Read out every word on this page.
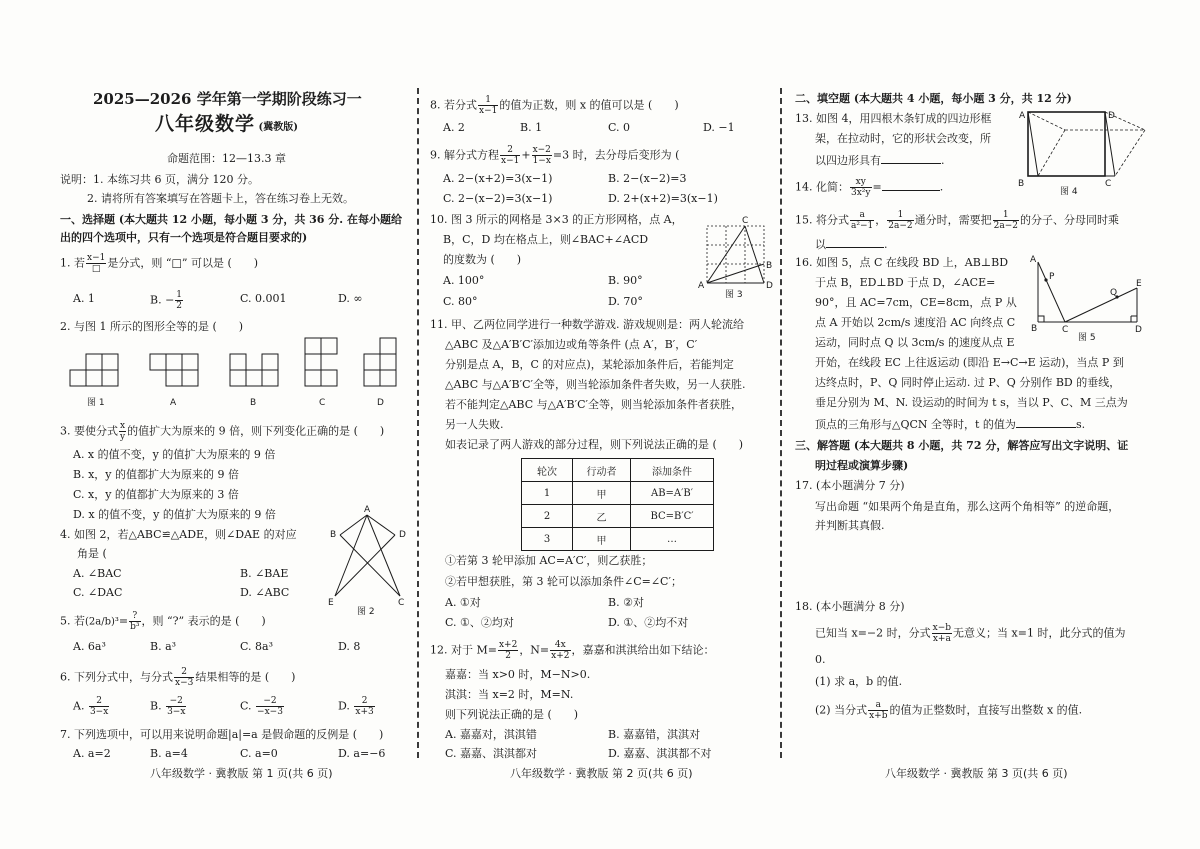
2025—2026 学年第一学期阶段练习一
八年级数学 (冀教版)
命题范围：12—13.3 章
说明：1. 本练习共 6 页，满分 120 分。
2. 请将所有答案填写在答题卡上，答在练习卷上无效。
一、选择题 (本大题共 12 小题，每小题 3 分，共 36 分. 在每小题给
出的四个选项中，只有一个选项是符合题目要求的)
1. 若 $\frac{x-1}{□}$ 是分式，则 “□” 可以是 (　　)
A. 1	B. − $\frac{1}{2}$	C. 0.001	D. ∞
2. 与图 1 所示的图形全等的是 (　　)
图 1	A	B	C	D
3. 要使分式 $\frac{x}{y}$ 的值扩大为原来的 9 倍，则下列变化正确的是 (　　)
A. x 的值不变，y 的值扩大为原来的 9 倍
B. x，y 的值都扩大为原来的 9 倍
C. x，y 的值都扩大为原来的 3 倍
D. x 的值不变，y 的值扩大为原来的 9 倍
4. 如图 2，若△ABC≌△ADE，则∠DAE 的对应
角是 (
A. ∠BAC	B. ∠BAE
C. ∠DAC	D. ∠ABC
A
B	D
E	C
图 2
5. 若$(2a/b)^3= \frac{?}{\text{b³}}$ ，则 “?” 表示的是 (　　)
A. 6a³	B. a³	C. 8a³	D. 8
6. 下列分式中，与分式 $\frac{2}{x-3}$ 结果相等的是 (　　)
A. $\frac{2}{3-x}$	B. $\frac{-2}{3-x}$	C. $\frac{-2}{-x-3}$	D. $\frac{2}{x+3}$
7. 下列选项中，可以用来说明命题|a|=a 是假命题的反例是 (　　)
A. a=2	B. a=4	C. a=0	D. a=−6
八年级数学 · 冀教版 第 1 页(共 6 页)
8. 若分式 $\frac{1}{x-1}$ 的值为正数，则 x 的值可以是 (　　)
A. 2	B. 1	C. 0	D. −1
9. 解分式方程 $\frac{2}{x-1} + \frac{x-2}{1-x} =3$ 时，去分母后变形为 (
A. 2−(x+2)=3(x−1)	B. 2−(x−2)=3
C. 2−(x−2)=3(x−1)	D. 2+(x+2)=3(x−1)
10. 图 3 所示的网格是 3×3 的正方形网格，点 A，
B，C，D 均在格点上，则∠BAC+∠ACD
的度数为 (　　)
A. 100°	B. 90°
C. 80°	D. 70°
C
A
B
D
图 3
11. 甲、乙两位同学进行一种数学游戏. 游戏规则是：两人轮流给
△ABC 及△A′B′C′添加边或角等条件 (点 A′，B′，C′
分别是点 A，B，C 的对应点)，某轮添加条件后，若能判定
△ABC 与△A′B′C′全等，则当轮添加条件者失败，另一人获胜.
若不能判定△ABC 与△A′B′C′全等，则当轮添加条件者获胜，
另一人失败.
如表记录了两人游戏的部分过程，则下列说法正确的是 (　　)
轮次	行动者	添加条件
1	甲	AB=A′B′
2	乙	BC=B′C′
3	甲	…
①若第 3 轮甲添加 AC=A′C′，则乙获胜；
②若甲想获胜，第 3 轮可以添加条件∠C=∠C′；
A. ①对	B. ②对
C. ①、②均对	D. ①、②均不对
12. 对于 $M= \frac{x+2}{2}$ ，$N= \frac{4x}{x+2}$ ，嘉嘉和淇淇给出如下结论：
嘉嘉：当 x>0 时，M−N>0.
淇淇：当 x=2 时，M=N.
则下列说法正确的是 (　　)
A. 嘉嘉对，淇淇错	B. 嘉嘉错，淇淇对
C. 嘉嘉、淇淇都对	D. 嘉嘉、淇淇都不对
八年级数学 · 冀教版 第 2 页(共 6 页)
二、填空题 (本大题共 4 小题，每小题 3 分，共 12 分)
13. 如图 4，用四根木条钉成的四边形框
架，在拉动时，它的形状会改变，所
以四边形具有	.
A	D
B	C
图 4
14. 化简： $\frac{xy}{\text{3x²y}}$ =	.
15. 将分式 $\frac{a}{\text{a²−1}}$ ， $\frac{1}{2a-2}$ 通分时，需要把 $\frac{1}{2a-2}$ 的分子、分母同时乘
以	.
16. 如图 5，点 C 在线段 BD 上，AB⊥BD
于点 B，ED⊥BD 于点 D，∠ACE=
90°，且 AC=7cm，CE=8cm，点 P 从
点 A 开始以 2cm/s 速度沿 AC 向终点 C
运动，同时点 Q 以 3cm/s 的速度从点 E
开始，在线段 EC 上往返运动 (即沿 E→C→E 运动)，当点 P 到
达终点时，P、Q 同时停止运动. 过 P、Q 分别作 BD 的垂线，
垂足分别为 M、N. 设运动的时间为 t s，当以 P、C、M 三点为
顶点的三角形与△QCN 全等时，t 的值为	s.
A
P
B	C	D
E
Q
图 5
三、解答题 (本大题共 8 小题，共 72 分，解答应写出文字说明、证
明过程或演算步骤)
17. (本小题满分 7 分)
写出命题 “如果两个角是直角，那么这两个角相等” 的逆命题，
并判断其真假.
18. (本小题满分 8 分)
已知当 x=−2 时，分式 $\frac{x-b}{x+a}$ 无意义；当 x=1 时，此分式的值为
0.
(1) 求 a，b 的值.
(2) 当分式 $\frac{a}{x+b}$ 的值为正整数时，直接写出整数 x 的值.
八年级数学 · 冀教版 第 3 页(共 6 页)
